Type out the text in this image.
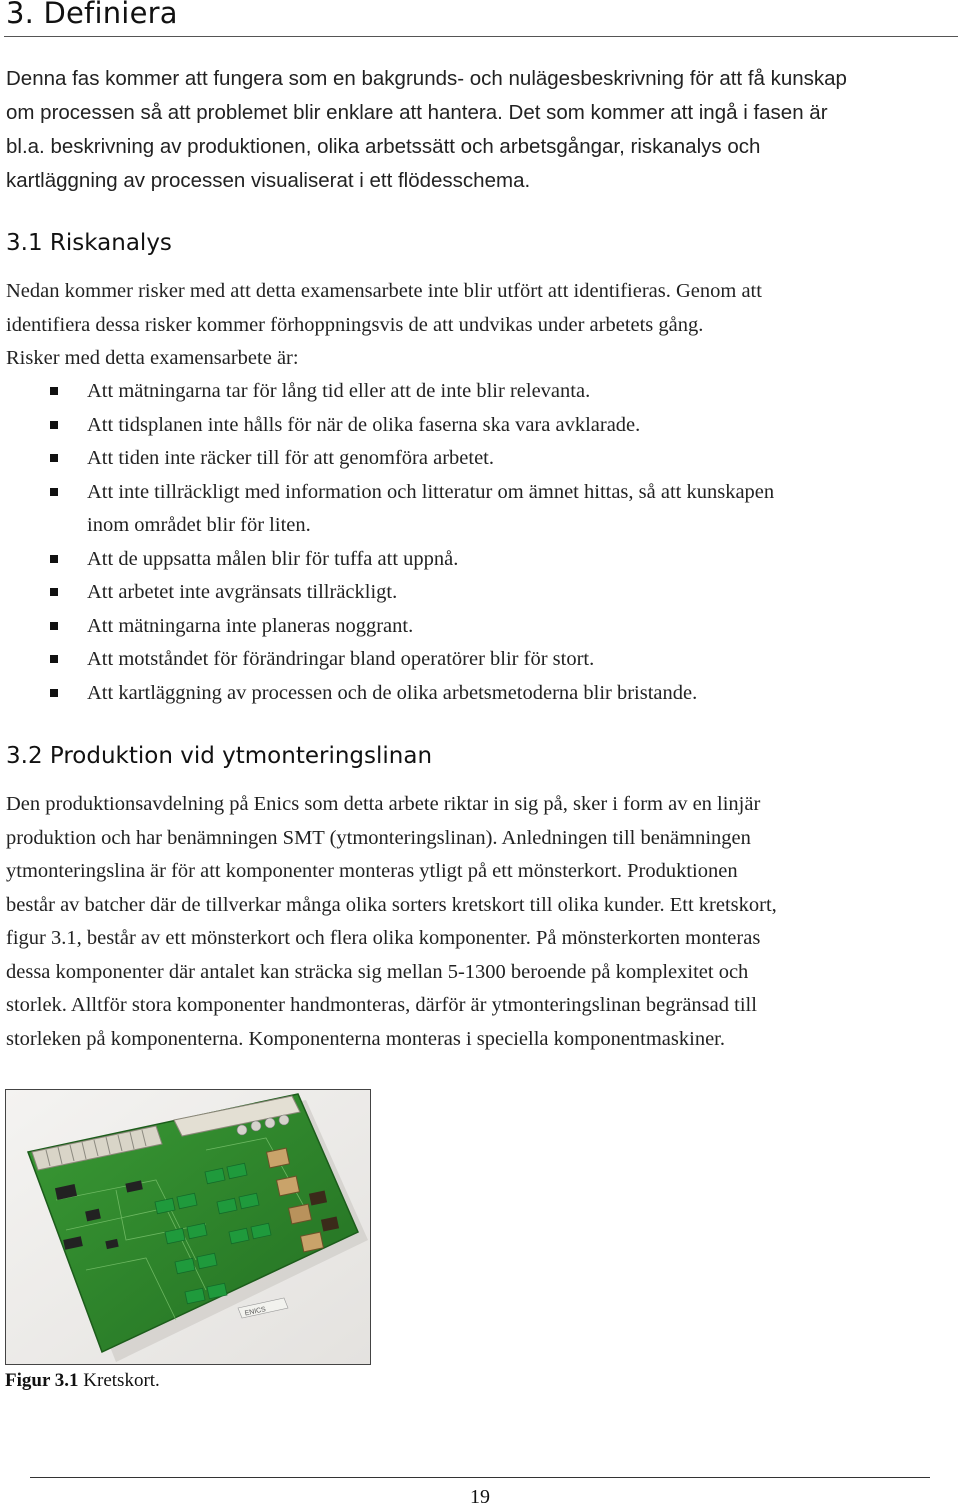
3. Definiera
Denna fas kommer att fungera som en bakgrunds- och nulägesbeskrivning för att få kunskap
om processen så att problemet blir enklare att hantera. Det som kommer att ingå i fasen är
bl.a. beskrivning av produktionen, olika arbetssätt och arbetsgångar, riskanalys och
kartläggning av processen visualiserat i ett flödesschema.
3.1 Riskanalys
Nedan kommer risker med att detta examensarbete inte blir utfört att identifieras. Genom att
identifiera dessa risker kommer förhoppningsvis de att undvikas under arbetets gång.
Risker med detta examensarbete är:
Att mätningarna tar för lång tid eller att de inte blir relevanta.
Att tidsplanen inte hålls för när de olika faserna ska vara avklarade.
Att tiden inte räcker till för att genomföra arbetet.
Att inte tillräckligt med information och litteratur om ämnet hittas, så att kunskapen
inom området blir för liten.
Att de uppsatta målen blir för tuffa att uppnå.
Att arbetet inte avgränsats tillräckligt.
Att mätningarna inte planeras noggrant.
Att motståndet för förändringar bland operatörer blir för stort.
Att kartläggning av processen och de olika arbetsmetoderna blir bristande.
3.2 Produktion vid ytmonteringslinan
Den produktionsavdelning på Enics som detta arbete riktar in sig på, sker i form av en linjär
produktion och har benämningen SMT (ytmonteringslinan). Anledningen till benämningen
ytmonteringslina är för att komponenter monteras ytligt på ett mönsterkort. Produktionen
består av batcher där de tillverkar många olika sorters kretskort till olika kunder. Ett kretskort,
figur 3.1, består av ett mönsterkort och flera olika komponenter. På mönsterkorten monteras
dessa komponenter där antalet kan sträcka sig mellan 5-1300 beroende på komplexitet och
storlek. Alltför stora komponenter handmonteras, därför är ytmonteringslinan begränsad till
storleken på komponenterna. Komponenterna monteras i speciella komponentmaskiner.
ENICS
Figur 3.1 Kretskort.
19
